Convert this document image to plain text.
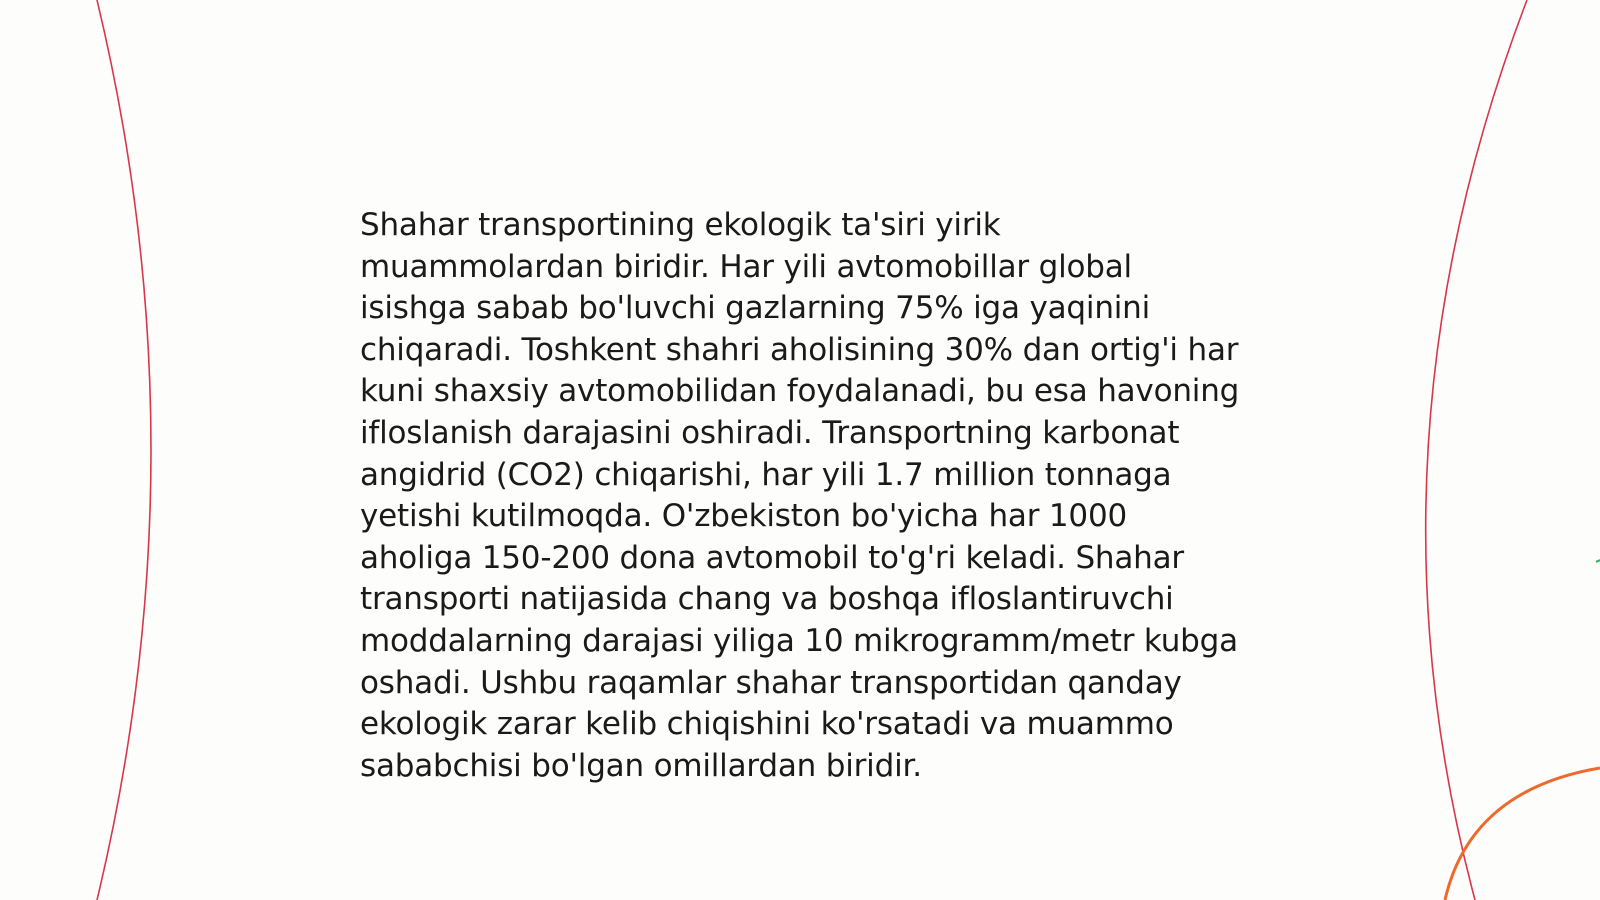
Shahar transportining ekologik ta'siri yirik muammolardan biridir. Har yili avtomobillar global isishga sabab bo'luvchi gazlarning 75% iga yaqinini chiqaradi. Toshkent shahri aholisining 30% dan ortig'i har kuni shaxsiy avtomobilidan foydalanadi, bu esa havoning ifloslanish darajasini oshiradi. Transportning karbonat angidrid (CO2) chiqarishi, har yili 1.7 million tonnaga yetishi kutilmoqda. O'zbekiston bo'yicha har 1000 aholiga 150-200 dona avtomobil to'g'ri keladi. Shahar transporti natijasida chang va boshqa ifloslantiruvchi moddalarning darajasi yiliga 10 mikrogramm/metr kubga oshadi. Ushbu raqamlar shahar transportidan qanday ekologik zarar kelib chiqishini ko'rsatadi va muammo sababchisi bo'lgan omillardan biridir.
